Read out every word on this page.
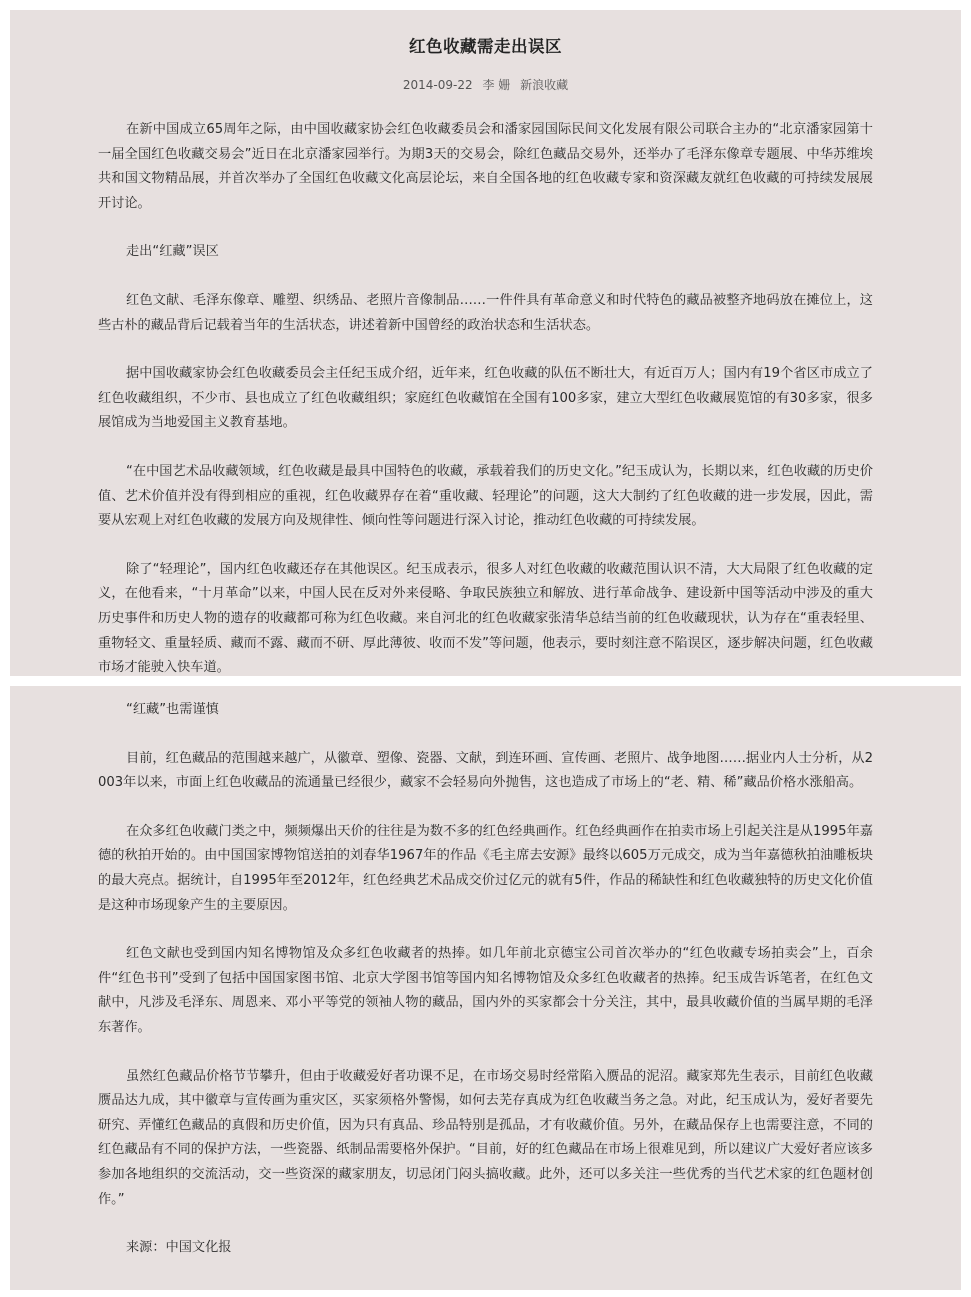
红色收藏需走出误区
2014-09-22 李 姗 新浪收藏

在新中国成立65周年之际，由中国收藏家协会红色收藏委员会和潘家园国际民间文化发展有限公司联合主办的“北京潘家园第十一届全国红色收藏交易会”近日在北京潘家园举行。为期3天的交易会，除红色藏品交易外，还举办了毛泽东像章专题展、中华苏维埃共和国文物精品展，并首次举办了全国红色收藏文化高层论坛，来自全国各地的红色收藏专家和资深藏友就红色收藏的可持续发展展开讨论。

走出“红藏”误区

红色文献、毛泽东像章、雕塑、织绣品、老照片音像制品……一件件具有革命意义和时代特色的藏品被整齐地码放在摊位上，这些古朴的藏品背后记载着当年的生活状态，讲述着新中国曾经的政治状态和生活状态。

据中国收藏家协会红色收藏委员会主任纪玉成介绍，近年来，红色收藏的队伍不断壮大，有近百万人；国内有19个省区市成立了红色收藏组织，不少市、县也成立了红色收藏组织；家庭红色收藏馆在全国有100多家，建立大型红色收藏展览馆的有30多家，很多展馆成为当地爱国主义教育基地。

“在中国艺术品收藏领域，红色收藏是最具中国特色的收藏，承载着我们的历史文化。”纪玉成认为，长期以来，红色收藏的历史价值、艺术价值并没有得到相应的重视，红色收藏界存在着“重收藏、轻理论”的问题，这大大制约了红色收藏的进一步发展，因此，需要从宏观上对红色收藏的发展方向及规律性、倾向性等问题进行深入讨论，推动红色收藏的可持续发展。

除了“轻理论”，国内红色收藏还存在其他误区。纪玉成表示，很多人对红色收藏的收藏范围认识不清，大大局限了红色收藏的定义，在他看来，“十月革命”以来，中国人民在反对外来侵略、争取民族独立和解放、进行革命战争、建设新中国等活动中涉及的重大历史事件和历史人物的遗存的收藏都可称为红色收藏。来自河北的红色收藏家张清华总结当前的红色收藏现状，认为存在“重表轻里、重物轻文、重量轻质、藏而不露、藏而不研、厚此薄彼、收而不发”等问题，他表示，要时刻注意不陷误区，逐步解决问题，红色收藏市场才能驶入快车道。

“红藏”也需谨慎

目前，红色藏品的范围越来越广，从徽章、塑像、瓷器、文献，到连环画、宣传画、老照片、战争地图……据业内人士分析，从2003年以来，市面上红色收藏品的流通量已经很少，藏家不会轻易向外抛售，这也造成了市场上的“老、精、稀”藏品价格水涨船高。

在众多红色收藏门类之中，频频爆出天价的往往是为数不多的红色经典画作。红色经典画作在拍卖市场上引起关注是从1995年嘉德的秋拍开始的。由中国国家博物馆送拍的刘春华1967年的作品《毛主席去安源》最终以605万元成交，成为当年嘉德秋拍油雕板块的最大亮点。据统计，自1995年至2012年，红色经典艺术品成交价过亿元的就有5件，作品的稀缺性和红色收藏独特的历史文化价值是这种市场现象产生的主要原因。

红色文献也受到国内知名博物馆及众多红色收藏者的热捧。如几年前北京德宝公司首次举办的“红色收藏专场拍卖会”上，百余件“红色书刊”受到了包括中国国家图书馆、北京大学图书馆等国内知名博物馆及众多红色收藏者的热捧。纪玉成告诉笔者，在红色文献中，凡涉及毛泽东、周恩来、邓小平等党的领袖人物的藏品，国内外的买家都会十分关注，其中，最具收藏价值的当属早期的毛泽东著作。

虽然红色藏品价格节节攀升，但由于收藏爱好者功课不足，在市场交易时经常陷入赝品的泥沼。藏家郑先生表示，目前红色收藏赝品达九成，其中徽章与宣传画为重灾区，买家须格外警惕，如何去芜存真成为红色收藏当务之急。对此，纪玉成认为，爱好者要先研究、弄懂红色藏品的真假和历史价值，因为只有真品、珍品特别是孤品，才有收藏价值。另外，在藏品保存上也需要注意，不同的红色藏品有不同的保护方法，一些瓷器、纸制品需要格外保护。“目前，好的红色藏品在市场上很难见到，所以建议广大爱好者应该多参加各地组织的交流活动，交一些资深的藏家朋友，切忌闭门闷头搞收藏。此外，还可以多关注一些优秀的当代艺术家的红色题材创作。”

来源：中国文化报
